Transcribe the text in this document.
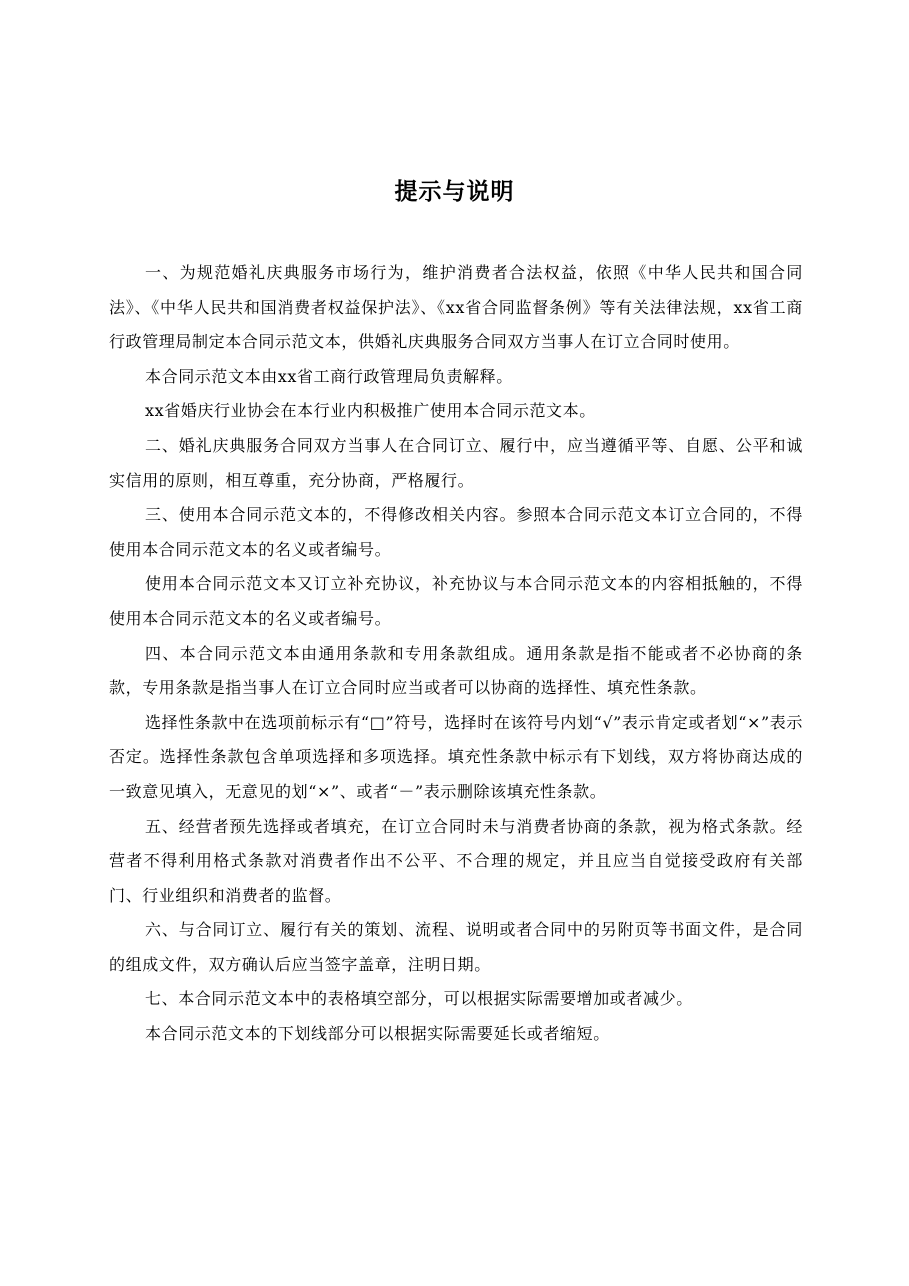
提示与说明

一、为规范婚礼庆典服务市场行为，维护消费者合法权益，依照《中华人民共和国合同法》、《中华人民共和国消费者权益保护法》、《xx省合同监督条例》等有关法律法规，xx省工商行政管理局制定本合同示范文本，供婚礼庆典服务合同双方当事人在订立合同时使用。

本合同示范文本由xx省工商行政管理局负责解释。

xx省婚庆行业协会在本行业内积极推广使用本合同示范文本。

二、婚礼庆典服务合同双方当事人在合同订立、履行中，应当遵循平等、自愿、公平和诚实信用的原则，相互尊重，充分协商，严格履行。

三、使用本合同示范文本的，不得修改相关内容。参照本合同示范文本订立合同的，不得使用本合同示范文本的名义或者编号。

使用本合同示范文本又订立补充协议，补充协议与本合同示范文本的内容相抵触的，不得使用本合同示范文本的名义或者编号。

四、本合同示范文本由通用条款和专用条款组成。通用条款是指不能或者不必协商的条款，专用条款是指当事人在订立合同时应当或者可以协商的选择性、填充性条款。

选择性条款中在选项前标示有“□”符号，选择时在该符号内划“√”表示肯定或者划“×”表示否定。选择性条款包含单项选择和多项选择。填充性条款中标示有下划线，双方将协商达成的一致意见填入，无意见的划“×”、或者“－”表示删除该填充性条款。

五、经营者预先选择或者填充，在订立合同时未与消费者协商的条款，视为格式条款。经营者不得利用格式条款对消费者作出不公平、不合理的规定，并且应当自觉接受政府有关部门、行业组织和消费者的监督。

六、与合同订立、履行有关的策划、流程、说明或者合同中的另附页等书面文件，是合同的组成文件，双方确认后应当签字盖章，注明日期。

七、本合同示范文本中的表格填空部分，可以根据实际需要增加或者减少。

本合同示范文本的下划线部分可以根据实际需要延长或者缩短。
